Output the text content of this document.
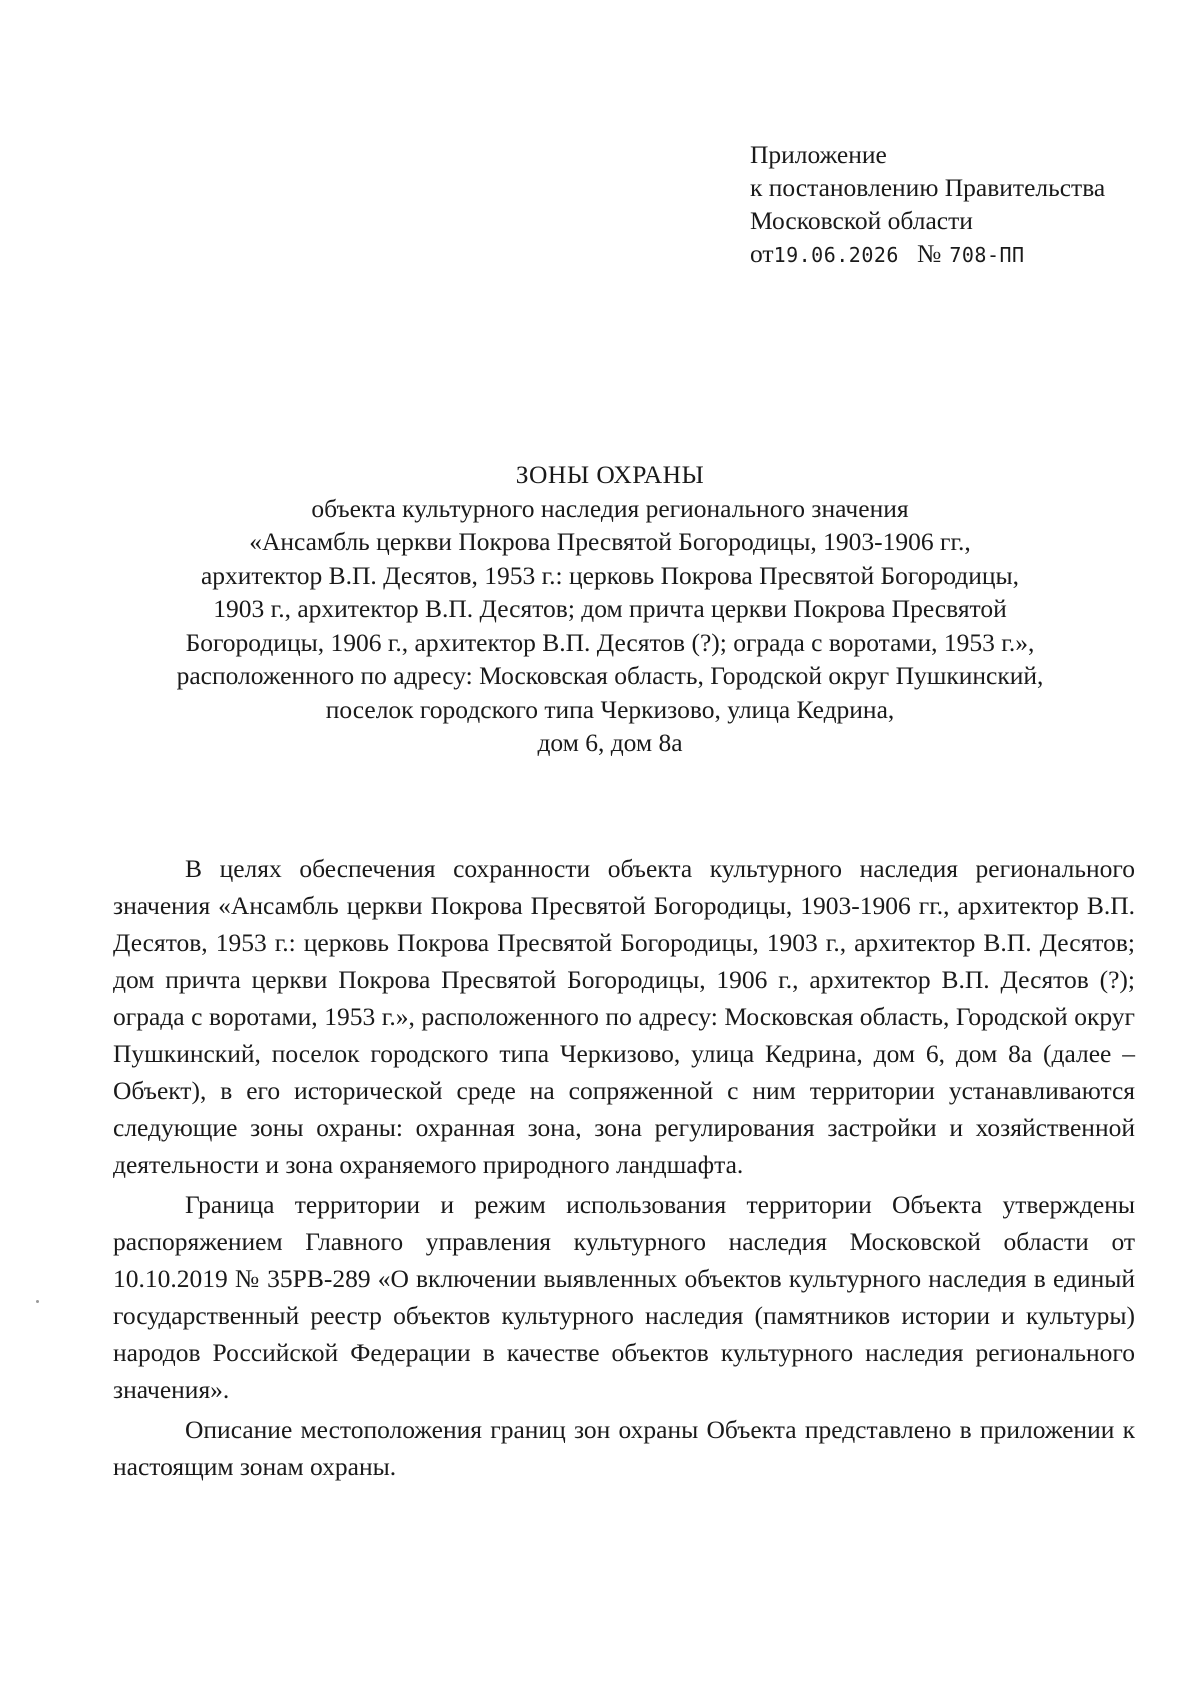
Приложение
к постановлению Правительства
Московской области
от19.06.2026 № 708-ПП
ЗОНЫ ОХРАНЫ
объекта культурного наследия регионального значения
«Ансамбль церкви Покрова Пресвятой Богородицы, 1903-1906 гг.,
архитектор В.П. Десятов, 1953 г.: церковь Покрова Пресвятой Богородицы,
1903 г., архитектор В.П. Десятов; дом причта церкви Покрова Пресвятой
Богородицы, 1906 г., архитектор В.П. Десятов (?); ограда с воротами, 1953 г.»,
расположенного по адресу: Московская область, Городской округ Пушкинский,
поселок городского типа Черкизово, улица Кедрина,
дом 6, дом 8а

В целях обеспечения сохранности объекта культурного наследия регионального значения «Ансамбль церкви Покрова Пресвятой Богородицы, 1903-1906 гг., архитектор В.П. Десятов, 1953 г.: церковь Покрова Пресвятой Богородицы, 1903 г., архитектор В.П. Десятов; дом причта церкви Покрова Пресвятой Богородицы, 1906 г., архитектор В.П. Десятов (?); ограда с воротами, 1953 г.», расположенного по адресу: Московская область, Городской округ Пушкинский, поселок городского типа Черкизово, улица Кедрина, дом 6, дом 8а (далее – Объект), в его исторической среде на сопряженной с ним территории устанавливаются следующие зоны охраны: охранная зона, зона регулирования застройки и хозяйственной деятельности и зона охраняемого природного ландшафта.

Граница территории и режим использования территории Объекта утверждены распоряжением Главного управления культурного наследия Московской области от 10.10.2019 № 35РВ-289 «О включении выявленных объектов культурного наследия в единый государственный реестр объектов культурного наследия (памятников истории и культуры) народов Российской Федерации в качестве объектов культурного наследия регионального значения».

Описание местоположения границ зон охраны Объекта представлено в приложении к настоящим зонам охраны.
